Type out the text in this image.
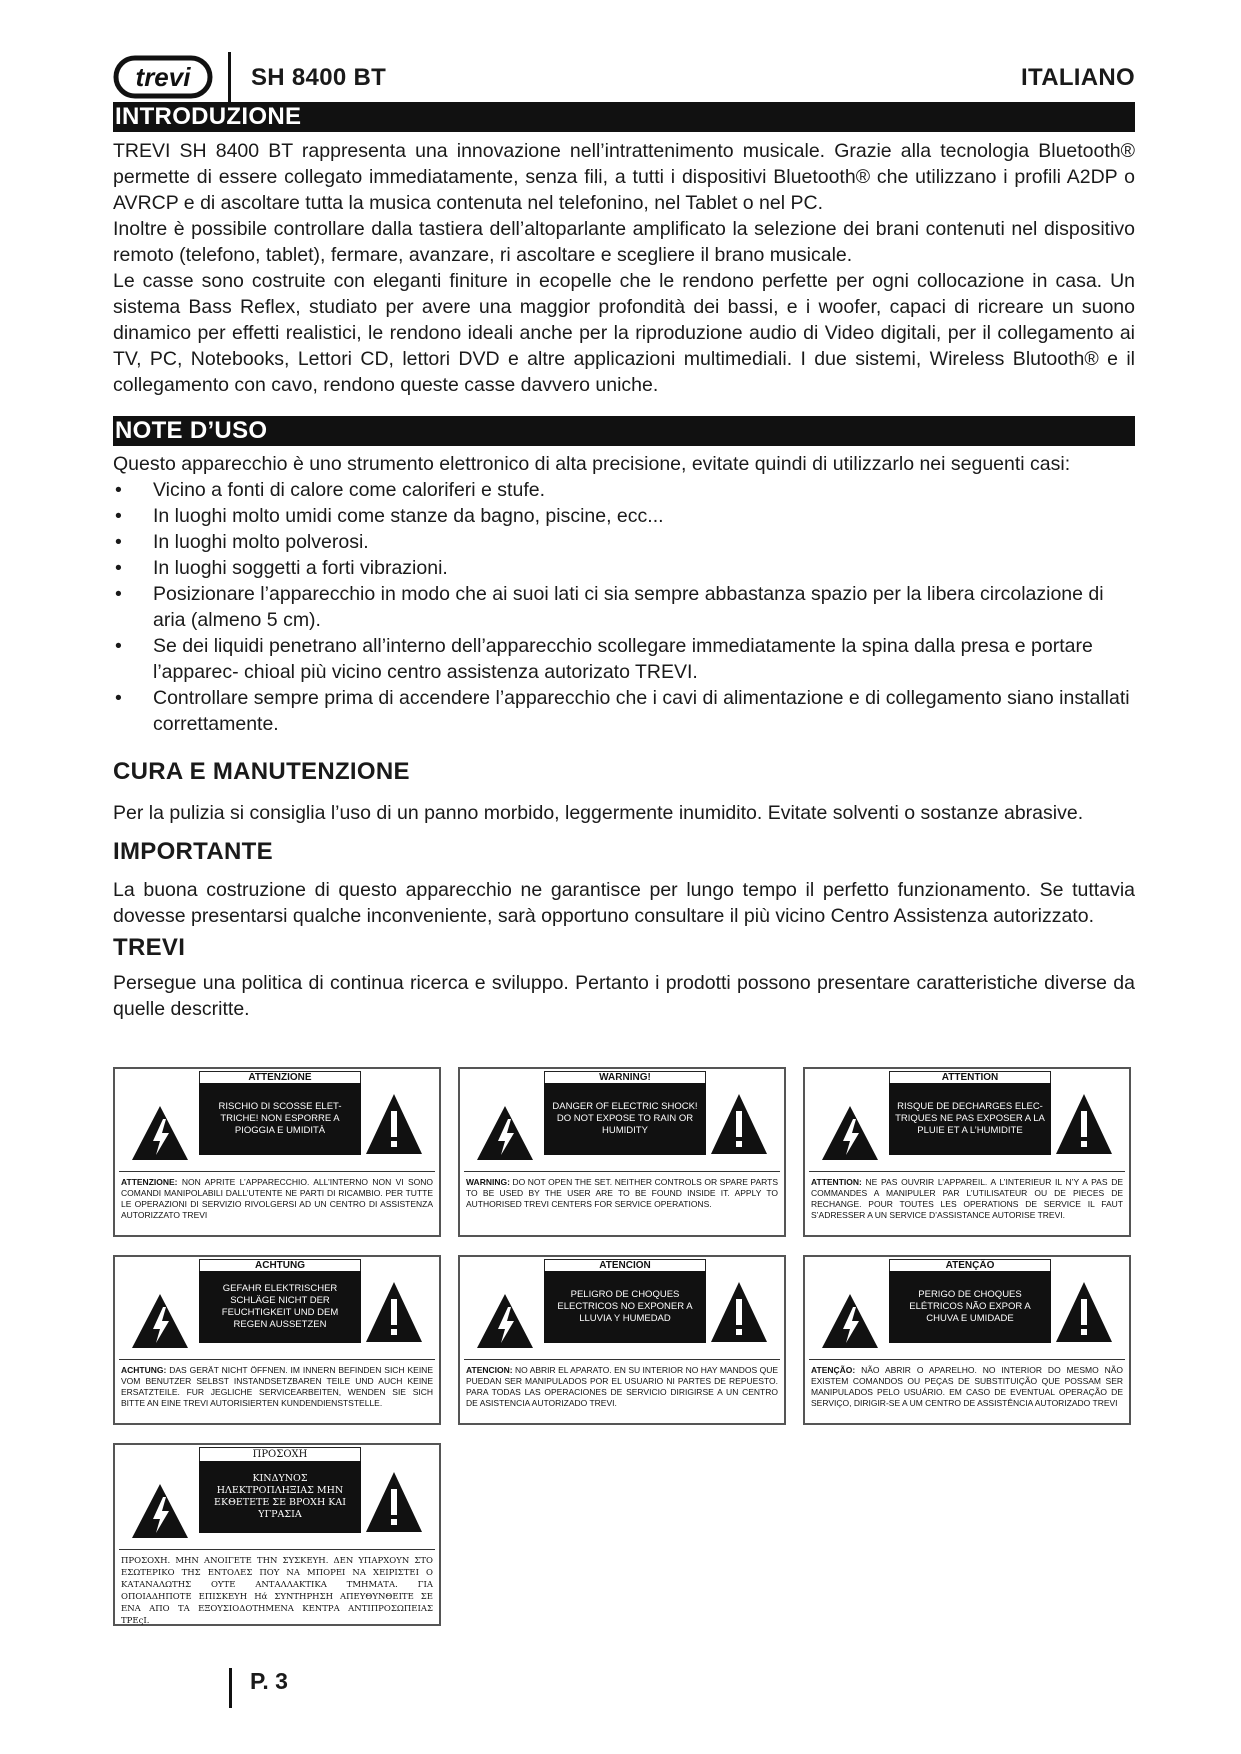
trevi	SH 8400 BT	ITALIANO
INTRODUZIONE

TREVI SH 8400 BT rappresenta una innovazione nell’intrattenimento musicale. Grazie alla tecnologia Bluetooth® permette di essere collegato immediatamente, senza fili, a tutti i dispositivi Bluetooth® che utilizzano i profili A2DP o AVRCP e di ascoltare tutta la musica contenuta nel telefonino, nel Tablet o nel PC.

Inoltre è possibile controllare dalla tastiera dell’altoparlante amplificato la selezione dei brani contenuti nel dispositivo remoto (telefono, tablet), fermare, avanzare, ri ascoltare e scegliere il brano musicale.

Le casse sono costruite con eleganti finiture in ecopelle che le rendono perfette per ogni collocazione in casa. Un sistema Bass Reflex, studiato per avere una maggior profondità dei bassi, e i woofer, capaci di ricreare un suono dinamico per effetti realistici, le rendono ideali anche per la riproduzione audio di Video digitali, per il collegamento ai TV, PC, Notebooks, Lettori CD, lettori DVD e altre applicazioni multimediali. I due sistemi, Wireless Blutooth® e il collegamento con cavo, rendono queste casse davvero uniche.

NOTE D’USO
Questo apparecchio è uno strumento elettronico di alta precisione, evitate quindi di utilizzarlo nei seguenti casi:
• Vicino a fonti di calore come caloriferi e stufe.
• In luoghi molto umidi come stanze da bagno, piscine, ecc...
• In luoghi molto polverosi.
• In luoghi soggetti a forti vibrazioni.
• Posizionare l’apparecchio in modo che ai suoi lati ci sia sempre abbastanza spazio per la libera circolazione di aria (almeno 5 cm).
• Se dei liquidi penetrano all’interno dell’apparecchio scollegare immediatamente la spina dalla presa e portare l’apparec- chioal più vicino centro assistenza autorizato TREVI.
• Controllare sempre prima di accendere l’apparecchio che i cavi di alimentazione e di collegamento siano installati correttamente.
CURA E MANUTENZIONE
Per la pulizia si consiglia l’uso di un panno morbido, leggermente inumidito. Evitate solventi o sostanze abrasive.
IMPORTANTE
La buona costruzione di questo apparecchio ne garantisce per lungo tempo il perfetto funzionamento. Se tuttavia dovesse presentarsi qualche inconveniente, sarà opportuno consultare il più vicino Centro Assistenza autorizzato.
TREVI
Persegue una politica di continua ricerca e sviluppo. Pertanto i prodotti possono presentare caratteristiche diverse da quelle descritte.
ATTENZIONE
RISCHIO DI SCOSSE ELET- TRICHE! NON ESPORRE A PIOGGIA E UMIDITÀ
ATTENZIONE: NON APRITE L’APPARECCHIO. ALL’INTERNO NON VI SONO COMANDI MANIPOLABILI DALL’UTENTE NE PARTI DI RICAMBIO. PER TUTTE LE OPERAZIONI DI SERVIZIO RIVOLGERSI AD UN CENTRO DI ASSISTENZA AUTORIZZATO TREVI
WARNING!
DANGER OF ELECTRIC SHOCK! DO NOT EXPOSE TO RAIN OR HUMIDITY
WARNING: DO NOT OPEN THE SET. NEITHER CONTROLS OR SPARE PARTS TO BE USED BY THE USER ARE TO BE FOUND INSIDE IT. APPLY TO AUTHORISED TREVI CENTERS FOR SERVICE OPERATIONS.
ATTENTION
RISQUE DE DECHARGES ELEC- TRIQUES NE PAS EXPOSER A LA PLUIE ET A L’HUMIDITE
ATTENTION: NE PAS OUVRIR L’APPAREIL. A L’INTERIEUR IL N’Y A PAS DE COMMANDES A MANIPULER PAR L’UTILISATEUR OU DE PIECES DE RECHANGE. POUR TOUTES LES OPERATIONS DE SERVICE IL FAUT S’ADRESSER A UN SERVICE D’ASSISTANCE AUTORISE TREVI.
ACHTUNG
GEFAHR ELEKTRISCHER SCHLÄGE NICHT DER FEUCHTIGKEIT UND DEM REGEN AUSSETZEN
ACHTUNG: DAS GERÄT NICHT ÖFFNEN. IM INNERN BEFINDEN SICH KEINE VOM BENUTZER SELBST INSTANDSETZBAREN TEILE UND AUCH KEINE ERSATZTEILE. FUR JEGLICHE SERVICEARBEITEN, WENDEN SIE SICH BITTE AN EINE TREVI AUTORISIERTEN KUNDENDIENSTSTELLE.
ATENCION
PELIGRO DE CHOQUES ELECTRICOS NO EXPONER A LLUVIA Y HUMEDAD
ATENCION: NO ABRIR EL APARATO. EN SU INTERIOR NO HAY MANDOS QUE PUEDAN SER MANIPULADOS POR EL USUARIO NI PARTES DE REPUESTO. PARA TODAS LAS OPERACIONES DE SERVICIO DIRIGIRSE A UN CENTRO DE ASISTENCIA AUTORIZADO TREVI.
ATENÇÃO
PERIGO DE CHOQUES ELÉTRICOS NÃO EXPOR A CHUVA E UMIDADE
ATENÇÃO: NÃO ABRIR O APARELHO. NO INTERIOR DO MESMO NÃO EXISTEM COMANDOS OU PEÇAS DE SUBSTITUIÇÃO QUE POSSAM SER MANIPULADOS PELO USUÁRIO. EM CASO DE EVENTUAL OPERAÇÃO DE SERVIÇO, DIRIGIR-SE A UM CENTRO DE ASSISTÊNCIA AUTORIZADO TREVI
ΠΡΟΣΟΧΗ
ΚΙΝΔΥΝΟΣ ΗΛΕΚΤΡΟΠΛΗΞΙΑΣ ΜΗΝ ΕΚΘΕΤΕΤΕ ΣΕ ΒΡΟΧΗ ΚΑΙ ΥΓΡΑΣΙΑ
ΠΡΟΣΟΧΗ. ΜΗΝ ΑΝΟΙΓΕΤΕ ΤΗΝ ΣΥΣΚΕΥΗ. ΔΕΝ ΥΠΑΡΧΟΥΝ ΣΤΟ ΕΣΩΤΕΡΙΚΟ ΤΗΣ ΕΝΤΟΛΕΣ ΠΟΥ ΝΑ ΜΠΟΡΕΙ ΝΑ ΧΕΙΡΙΣΤΕΙ Ο ΚΑΤΑΝΑΛΩΤΗΣ ΟΥΤΕ ΑΝΤΑΛΛΑΚΤΙΚΑ ΤΜΗΜΑΤΑ. ΓΙΑ ΟΠΟΙΑΔΗΠΟΤΕ ΕΠΙΣΚΕΥΗ Ηά ΣΥΝΤΗΡΗΣΗ ΑΠΕΥΘΥΝΘΕΙΤΕ ΣΕ ΕΝΑ ΑΠΟ ΤΑ ΕΞΟΥΣΙΟΔΟΤΗΜΕΝΑ ΚΕΝΤΡΑ ΑΝΤΙΠΡΟΣΩΠΕΙΑΣ ΤΡΕςΙ.
P. 3
